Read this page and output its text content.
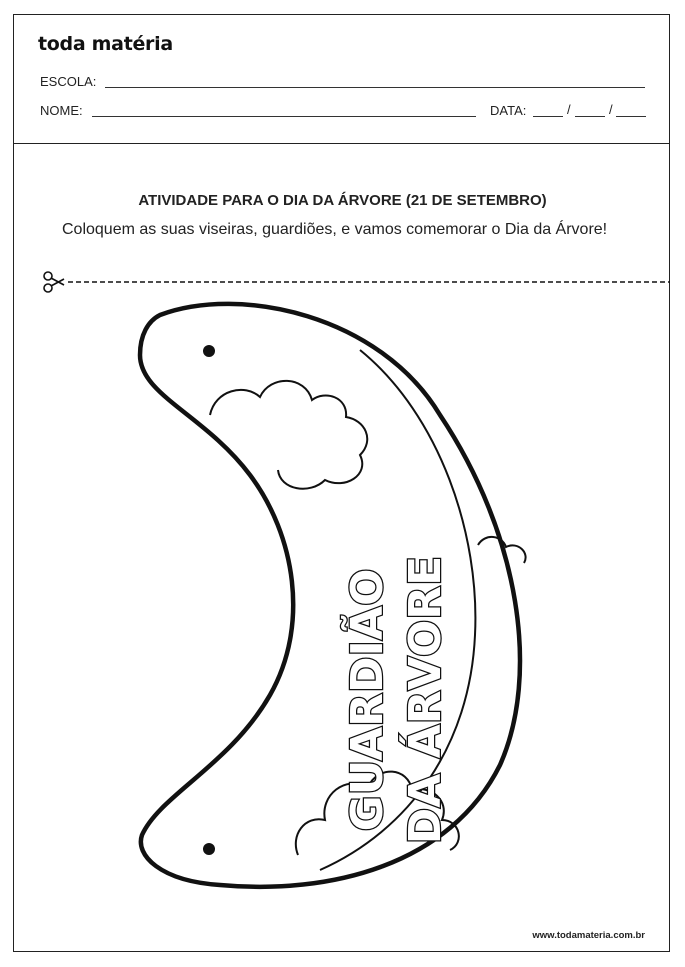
toda matéria
ESCOLA:
NOME:	DATA:	/	/
ATIVIDADE PARA O DIA DA ÁRVORE (21 DE SETEMBRO)
Coloquem as suas viseiras, guardiões, e vamos comemorar o Dia da Árvore!
GUARDIÃO DA ÁRVORE
www.todamateria.com.br
